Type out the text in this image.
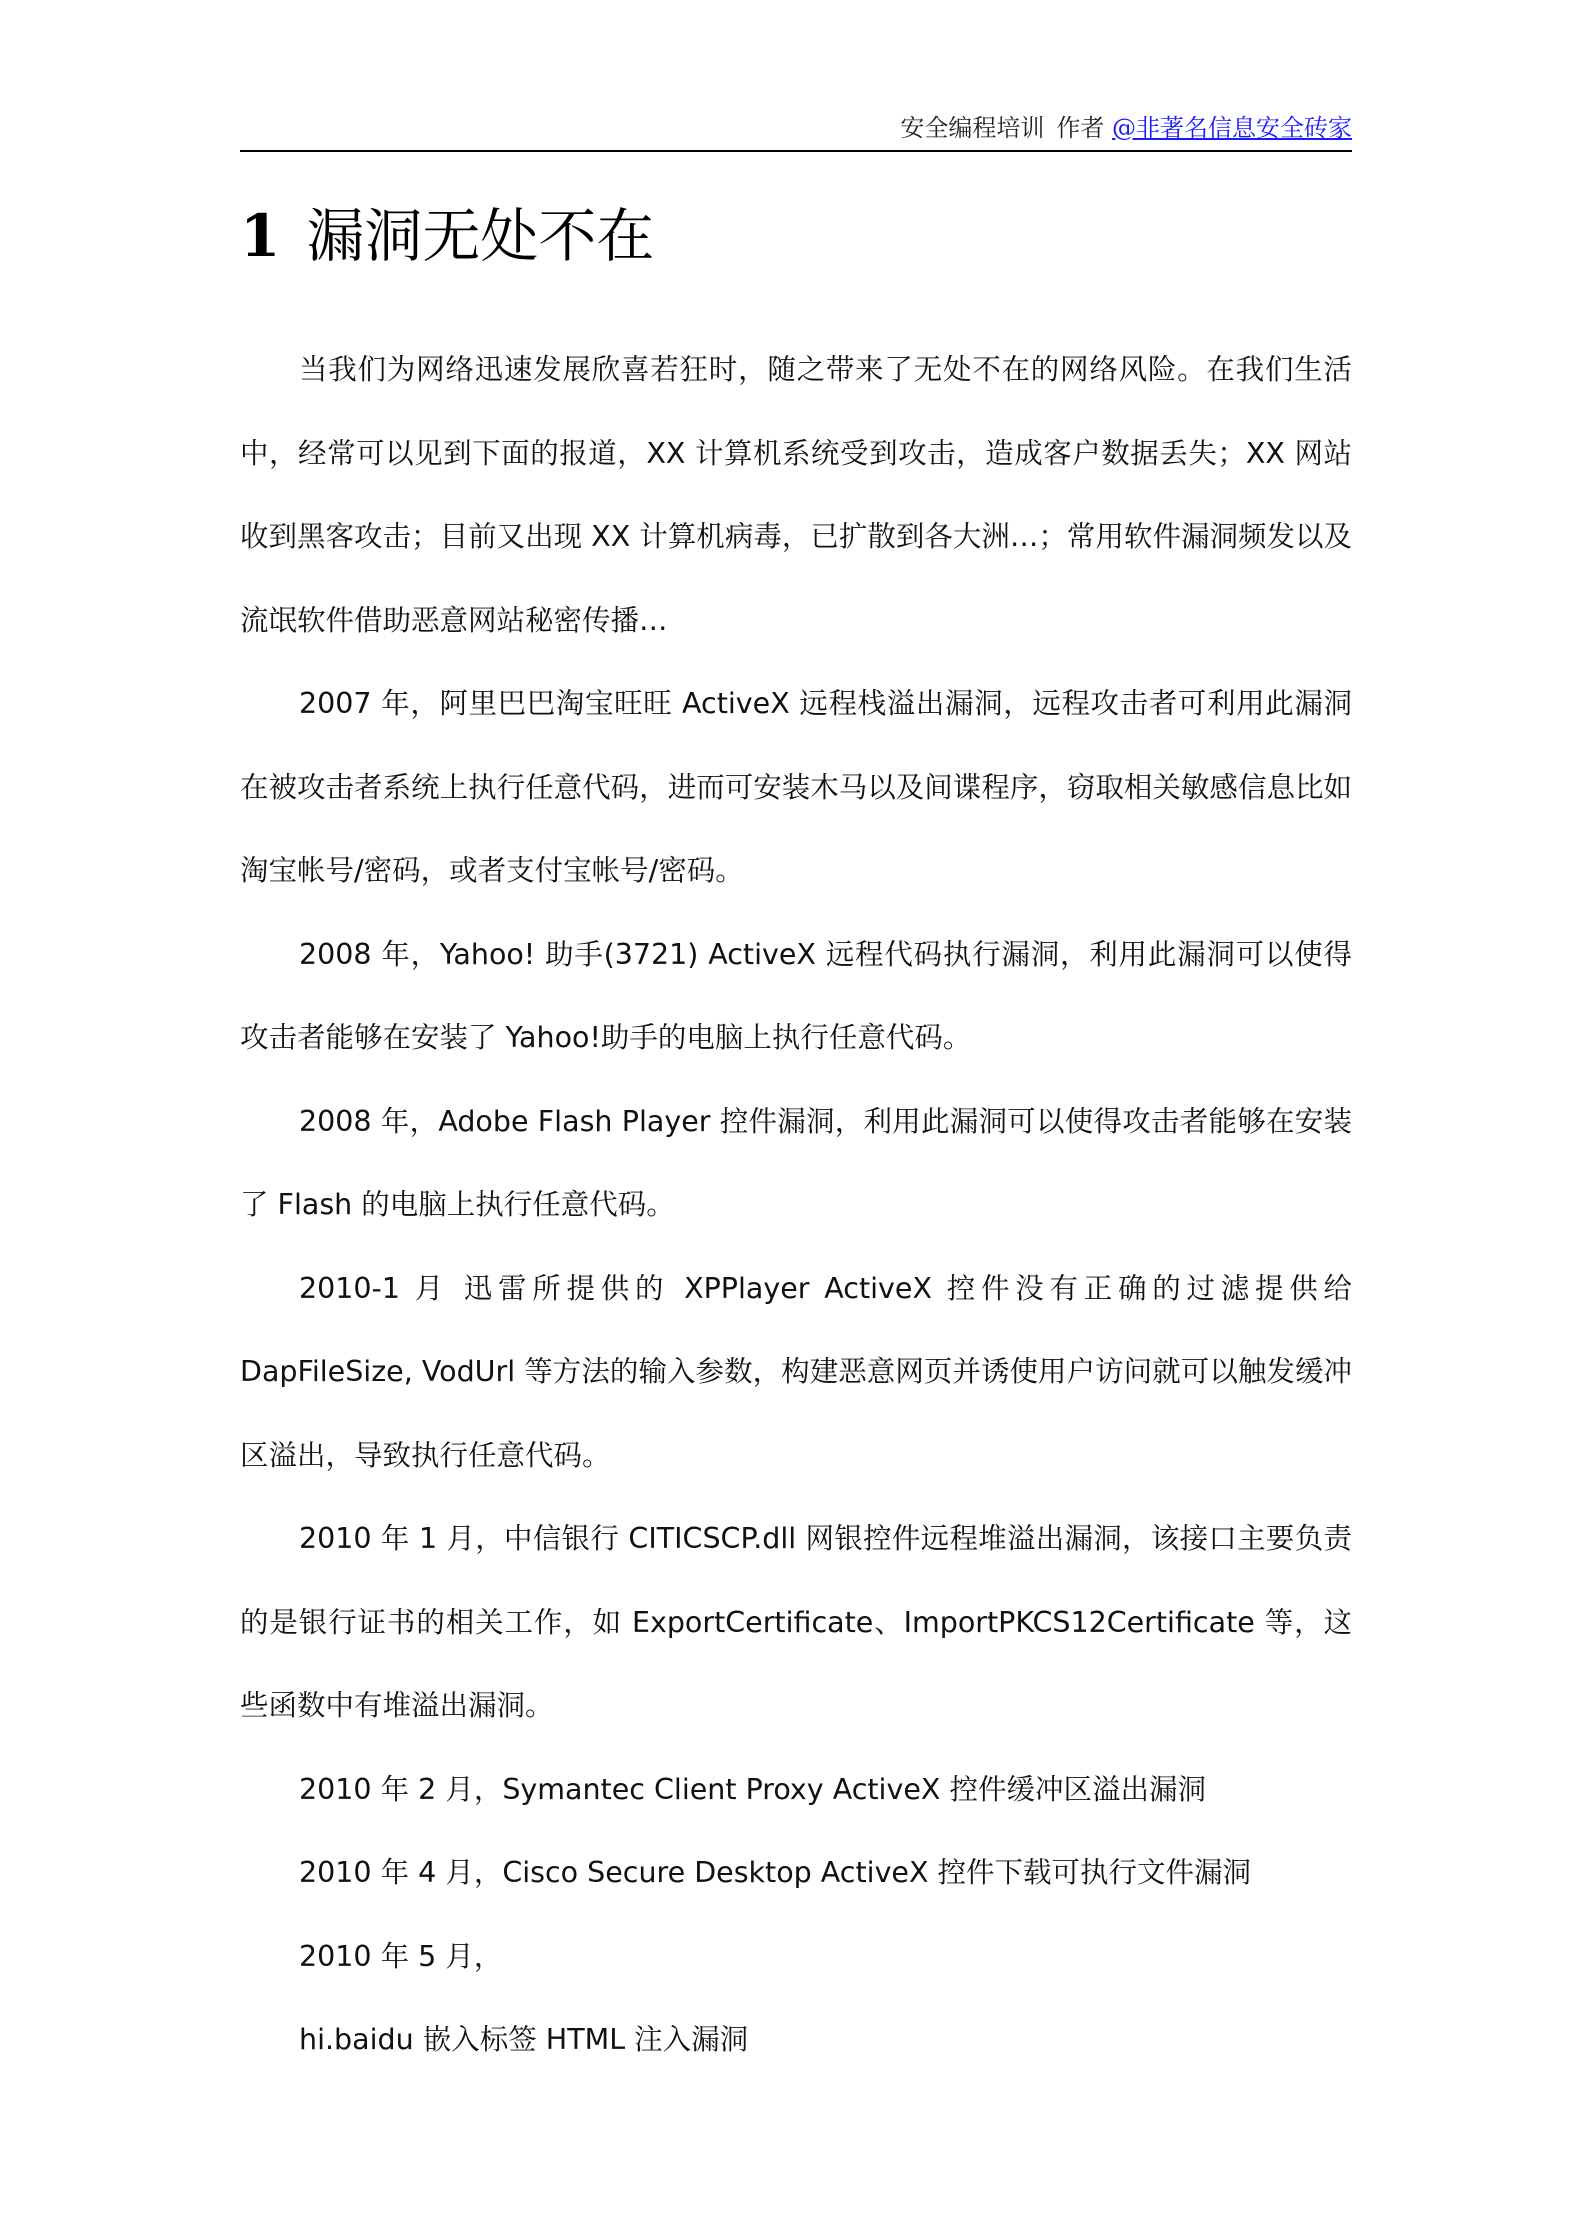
安全编程培训 作者 @非著名信息安全砖家
1 漏洞无处不在

当我们为网络迅速发展欣喜若狂时，随之带来了无处不在的网络风险。在我们生活中，经常可以见到下面的报道，XX 计算机系统受到攻击，造成客户数据丢失；XX 网站收到黑客攻击；目前又出现 XX 计算机病毒，已扩散到各大洲…；常用软件漏洞频发以及流氓软件借助恶意网站秘密传播…

2007 年，阿里巴巴淘宝旺旺 ActiveX 远程栈溢出漏洞，远程攻击者可利用此漏洞在被攻击者系统上执行任意代码，进而可安装木马以及间谍程序，窃取相关敏感信息比如淘宝帐号/密码，或者支付宝帐号/密码。

2008 年，Yahoo! 助手(3721) ActiveX 远程代码执行漏洞，利用此漏洞可以使得攻击者能够在安装了 Yahoo!助手的电脑上执行任意代码。

2008 年，Adobe Flash Player 控件漏洞，利用此漏洞可以使得攻击者能够在安装了 Flash 的电脑上执行任意代码。

2010-1 月 迅雷所提供的 XPPlayer ActiveX 控件没有正确的过滤提供给 DapFileSize, VodUrl 等方法的输入参数，构建恶意网页并诱使用户访问就可以触发缓冲区溢出，导致执行任意代码。

2010 年 1 月，中信银行 CITICSCP.dll 网银控件远程堆溢出漏洞，该接口主要负责的是银行证书的相关工作，如 ExportCertificate、ImportPKCS12Certificate 等，这些函数中有堆溢出漏洞。

2010 年 2 月，Symantec Client Proxy ActiveX 控件缓冲区溢出漏洞

2010 年 4 月，Cisco Secure Desktop ActiveX 控件下载可执行文件漏洞

2010 年 5 月，

hi.baidu 嵌入标签 HTML 注入漏洞
